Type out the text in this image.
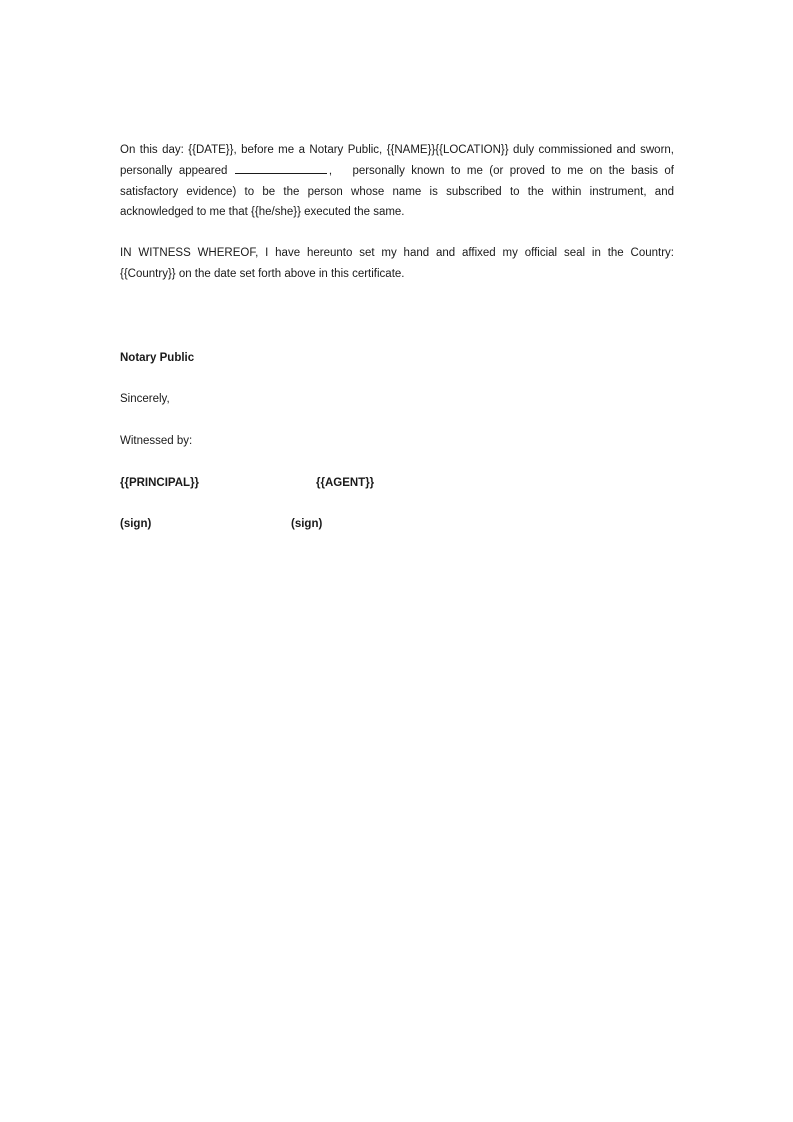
On this day: {{DATE}}, before me a Notary Public, {{NAME}}{{LOCATION}} duly commissioned and sworn, personally appeared	, personally known to me (or proved to me on the basis of satisfactory evidence) to be the person whose name is subscribed to the within instrument, and acknowledged to me that {{he/she}} executed the same.

IN WITNESS WHEREOF, I have hereunto set my hand and affixed my official seal in the Country: {{Country}} on the date set forth above in this certificate.

Notary Public
Sincerely,
Witnessed by:
{{PRINCIPAL}}	{{AGENT}}
(sign)	(sign)
